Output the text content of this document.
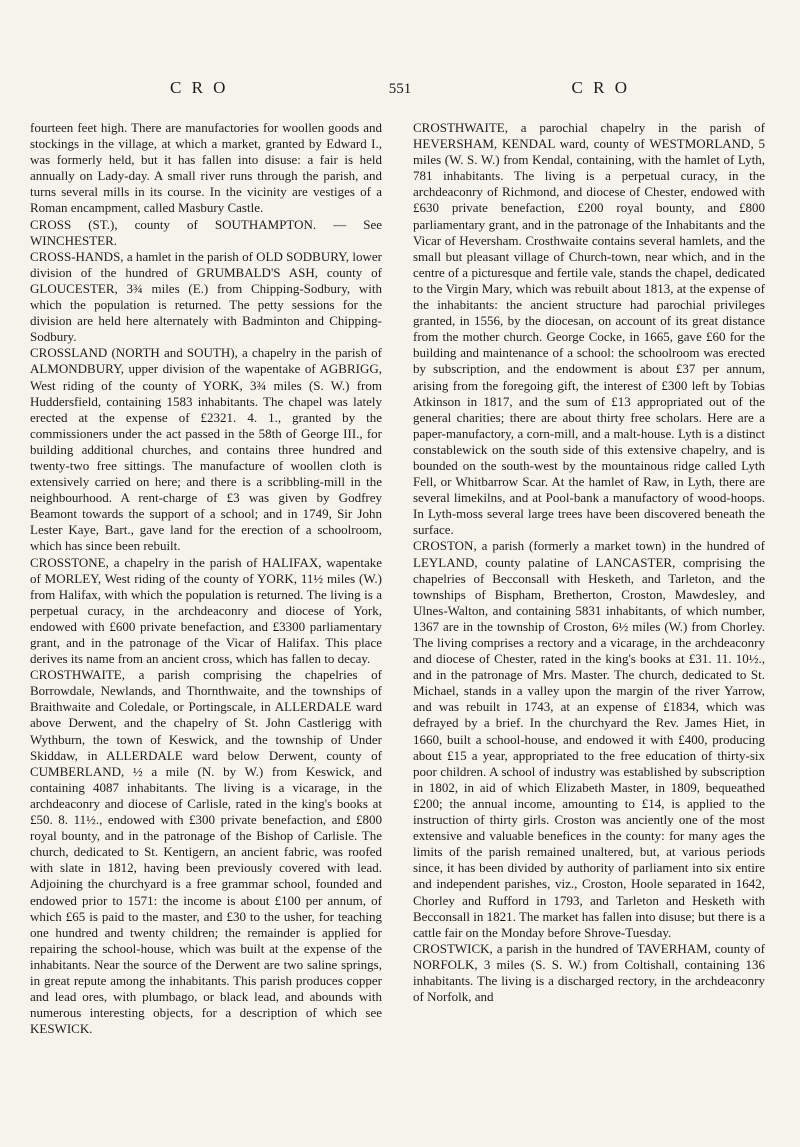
C R O	551	C R O

fourteen feet high. There are manufactories for woollen goods and stockings in the village, at which a market, granted by Edward I., was formerly held, but it has fallen into disuse: a fair is held annually on Lady-day. A small river runs through the parish, and turns several mills in its course. In the vicinity are vestiges of a Roman encampment, called Masbury Castle.

CROSS (ST.), county of SOUTHAMPTON. — See WINCHESTER.

CROSS-HANDS, a hamlet in the parish of OLD SODBURY, lower division of the hundred of GRUMBALD'S ASH, county of GLOUCESTER, 3¾ miles (E.) from Chipping-Sodbury, with which the population is returned. The petty sessions for the division are held here alternately with Badminton and Chipping-Sodbury.

CROSSLAND (NORTH and SOUTH), a chapelry in the parish of ALMONDBURY, upper division of the wapentake of AGBRIGG, West riding of the county of YORK, 3¾ miles (S. W.) from Huddersfield, containing 1583 inhabitants. The chapel was lately erected at the expense of £2321. 4. 1., granted by the commissioners under the act passed in the 58th of George III., for building additional churches, and contains three hundred and twenty-two free sittings. The manufacture of woollen cloth is extensively carried on here; and there is a scribbling-mill in the neighbourhood. A rent-charge of £3 was given by Godfrey Beamont towards the support of a school; and in 1749, Sir John Lester Kaye, Bart., gave land for the erection of a schoolroom, which has since been rebuilt.

CROSSTONE, a chapelry in the parish of HALIFAX, wapentake of MORLEY, West riding of the county of YORK, 11½ miles (W.) from Halifax, with which the population is returned. The living is a perpetual curacy, in the archdeaconry and diocese of York, endowed with £600 private benefaction, and £3300 parliamentary grant, and in the patronage of the Vicar of Halifax. This place derives its name from an ancient cross, which has fallen to decay.

CROSTHWAITE, a parish comprising the chapelries of Borrowdale, Newlands, and Thornthwaite, and the townships of Braithwaite and Coledale, or Portingscale, in ALLERDALE ward above Derwent, and the chapelry of St. John Castlerigg with Wythburn, the town of Keswick, and the township of Under Skiddaw, in ALLERDALE ward below Derwent, county of CUMBERLAND, ½ a mile (N. by W.) from Keswick, and containing 4087 inhabitants. The living is a vicarage, in the archdeaconry and diocese of Carlisle, rated in the king's books at £50. 8. 11½., endowed with £300 private benefaction, and £800 royal bounty, and in the patronage of the Bishop of Carlisle. The church, dedicated to St. Kentigern, an ancient fabric, was roofed with slate in 1812, having been previously covered with lead. Adjoining the churchyard is a free grammar school, founded and endowed prior to 1571: the income is about £100 per annum, of which £65 is paid to the master, and £30 to the usher, for teaching one hundred and twenty children; the remainder is applied for repairing the school-house, which was built at the expense of the inhabitants. Near the source of the Derwent are two saline springs, in great repute among the inhabitants. This parish produces copper and lead ores, with plumbago, or black lead, and abounds with numerous interesting objects, for a description of which see KESWICK.

CROSTHWAITE, a parochial chapelry in the parish of HEVERSHAM, KENDAL ward, county of WESTMORLAND, 5 miles (W. S. W.) from Kendal, containing, with the hamlet of Lyth, 781 inhabitants. The living is a perpetual curacy, in the archdeaconry of Richmond, and diocese of Chester, endowed with £630 private benefaction, £200 royal bounty, and £800 parliamentary grant, and in the patronage of the Inhabitants and the Vicar of Heversham. Crosthwaite contains several hamlets, and the small but pleasant village of Church-town, near which, and in the centre of a picturesque and fertile vale, stands the chapel, dedicated to the Virgin Mary, which was rebuilt about 1813, at the expense of the inhabitants: the ancient structure had parochial privileges granted, in 1556, by the diocesan, on account of its great distance from the mother church. George Cocke, in 1665, gave £60 for the building and maintenance of a school: the schoolroom was erected by subscription, and the endowment is about £37 per annum, arising from the foregoing gift, the interest of £300 left by Tobias Atkinson in 1817, and the sum of £13 appropriated out of the general charities; there are about thirty free scholars. Here are a paper-manufactory, a corn-mill, and a malt-house. Lyth is a distinct constablewick on the south side of this extensive chapelry, and is bounded on the south-west by the mountainous ridge called Lyth Fell, or Whitbarrow Scar. At the hamlet of Raw, in Lyth, there are several limekilns, and at Pool-bank a manufactory of wood-hoops. In Lyth-moss several large trees have been discovered beneath the surface.

CROSTON, a parish (formerly a market town) in the hundred of LEYLAND, county palatine of LANCASTER, comprising the chapelries of Becconsall with Hesketh, and Tarleton, and the townships of Bispham, Bretherton, Croston, Mawdesley, and Ulnes-Walton, and containing 5831 inhabitants, of which number, 1367 are in the township of Croston, 6½ miles (W.) from Chorley. The living comprises a rectory and a vicarage, in the archdeaconry and diocese of Chester, rated in the king's books at £31. 11. 10½., and in the patronage of Mrs. Master. The church, dedicated to St. Michael, stands in a valley upon the margin of the river Yarrow, and was rebuilt in 1743, at an expense of £1834, which was defrayed by a brief. In the churchyard the Rev. James Hiet, in 1660, built a school-house, and endowed it with £400, producing about £15 a year, appropriated to the free education of thirty-six poor children. A school of industry was established by subscription in 1802, in aid of which Elizabeth Master, in 1809, bequeathed £200; the annual income, amounting to £14, is applied to the instruction of thirty girls. Croston was anciently one of the most extensive and valuable benefices in the county: for many ages the limits of the parish remained unaltered, but, at various periods since, it has been divided by authority of parliament into six entire and independent parishes, viz., Croston, Hoole separated in 1642, Chorley and Rufford in 1793, and Tarleton and Hesketh with Becconsall in 1821. The market has fallen into disuse; but there is a cattle fair on the Monday before Shrove-Tuesday.

CROSTWICK, a parish in the hundred of TAVERHAM, county of NORFOLK, 3 miles (S. S. W.) from Coltishall, containing 136 inhabitants. The living is a discharged rectory, in the archdeaconry of Norfolk, and
